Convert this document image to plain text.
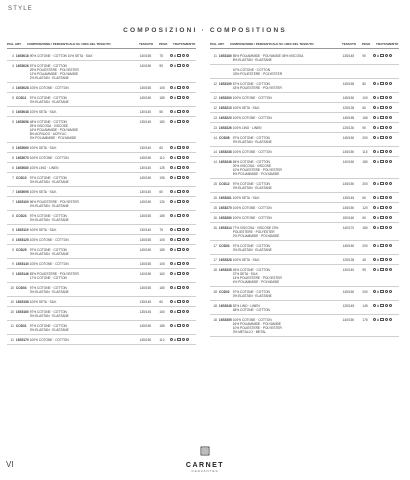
STYLE
COMPOSIZIONI · COMPOSITIONS
PAG. ART.	COMPOSIZIONE / PERCENTUALE SU 100% DEL TESSUTO	TESSUTO	PESO	TRATTAMENTO
4 16S5018 90% COTONE · COTTON 10% SETA · SILK	140/155	75
4 16S5026 57% COTONE · COTTON
29% POLIESTERE · POLYESTER
12% POLIAMMIDE · POLYAMIDE
2% ELASTAN · ELASTANE
140/150	95
4 16S5028 100% COTONE · COTTON	145/150	105
5 COD11	97% COTONE · COTTON
3% ELASTAN · ELASTANE
145/150	185
5 16S5048 100% SETA · SILK	130/140	55
5 16S5056 48% COTONE · COTTON
25% VISCOSA · VISCOSE
16% POLIAMMIDE · POLYAMIDE
8% ACRILICO · ACRYLIC
3% POLIAMMIDE · POLYAMIDE
135/145	180
6 16S5069 100% SETA · SILK	130/140	60
6 16S5070 100% COTONE · COTTON	145/150	110
6 16S5080 100% LINO · LINEN	130/140	125
7 COD10	97% COTONE · COTTON
3% ELASTAN · ELASTANE
145/150	195
7 16S5095 100% SETA · SILK	130/140	60
7 16S5100 96% POLIESTERE · POLYESTER
4% ELASTAN · ELASTANE
145/150	130
8 COD24	97% COTONE · COTTON
3% ELASTAN · ELASTANE
145/150	185
8 16S5119 100% SETA · SILK	130/140	75
8 16S5125 100% COTONE · COTTON	145/150	105
9 COD25	97% COTONE · COTTON
3% ELASTAN · ELASTANE
145/150	185
9 16S5140 100% COTONE · COTTON	145/150	105
9 16S5146 83% POLIESTERE · POLYESTER
17% COTONE · COTTON
140/150	160
10 COD04	97% COTONE · COTTON
3% ELASTAN · ELASTANE
145/150	180
10 16S5158 100% SETA · SILK	135/145	60
10 16S5160 97% COTONE · COTTON
3% ELASTAN · ELASTANE
135/145	160
11 COD01	97% COTONE · COTTON
3% ELASTAN · ELASTANE
145/150	185
11 16S5170 100% COTONE · COTTON	145/150	110
PAG. ART.	COMPOSIZIONE / PERCENTUALE SU 100% DEL TESSUTO	TESSUTO	PESO	TRATTAMENTO
11 16S5180 55% POLIAMMIDE · POLYAMIDE 45% VISCOSA
8% ELASTAN · ELASTANE
135/145	90
67% COTONE · COTTON
33% POLIESTERE · POLYESTER
12 16S5190 57% COTONE · COTTON
43% POLIESTERE · POLYESTER
145/155	80
12 16S5200 100% COTONE · COTTON	145/150	100
12 16S5210 100% SETA · SILK	125/135	60
13 16S5220 100% COTONE · COTTON	145/155	165
13 16S5226 100% LINO · LINEN	125/130	90
14 COD08	97% COTONE · COTTON
3% ELASTAN · ELASTANE
145/150	200
14 16S5238 100% COTONE · COTTON	145/150	115
14 16S5246 65% COTONE · COTTON
20% VISCOSA · VISCOSE
10% POLIESTERE · POLYESTER
5% POLIAMMIDE · POLYAMIDE
140/150	180
15 COD12	97% COTONE · COTTON
3% ELASTAN · ELASTANE
145/150	200
15 16S5261 100% SETA · SILK	135/145	60
15 16S5270 100% COTONE · COTTON	145/150	120
16 16S5280 100% COTONE · COTTON	150/160	60
16 16S5314 77% VISCOSA · VISCOSE 23%
POLIESTERE · POLYESTER
2% POLIAMMIDE · POLYAMIDE
140/170	180
17 COD03	97% COTONE · COTTON
3% ELASTAN · ELASTANE
145/150	200
17 16S5328 100% SETA · SILK	125/135	45
18 16S5335 49% COTONE · COTTON
37% SETA · SILK
14% POLIESTERE · POLYESTER
4% POLIAMMIDE · POLYAMIDE
130/140	95
18 COD02	97% COTONE · COTTON
3% ELASTAN · ELASTANE
145/150	200
18 16S5348 52% LINO · LINEN
48% COTONE · COTTON
125/145	145
18 16S5355 100% COTONE · COTTON
16% POLIAMMIDE · POLYAMIDE
10% POLIESTERE · POLYESTER
3% METALLO · METAL
140/150	175
CARNET
CERVANTES
VI
